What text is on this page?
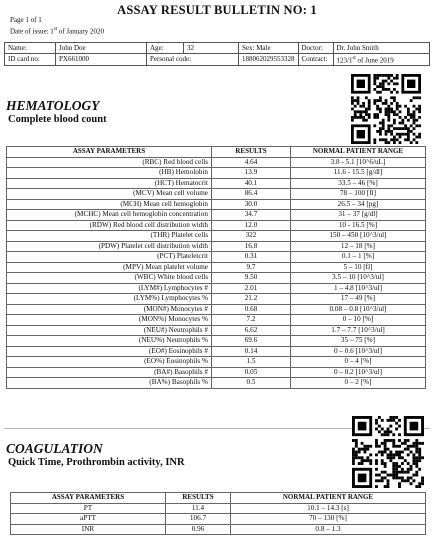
ASSAY RESULT BULLETIN NO: 1
Page 1 of 1
Date of issue: 1st of January 2020
Name:	John Doe	Age:	32	Sex: Male	Doctor:	Dr. John Smith
ID card no:	PX661000	Personal code:		188062029553328	Contract:	123/1st of June 2019
HEMATOLOGY
Complete blood count
ASSAY PARAMETERS	RESULTS	NORMAL PATIENT RANGE
(RBC) Red blood cells	4.64	3.8 - 5.1 [10^6/uL]
(HB) Hemolobin	13.9	11.6 - 15.5 [g/dl]
(HCT) Hematocrit	40.1	33.5 – 46 [%]
(MCV) Mean cell volume	86.4	78 – 100 [fl]
(MCH) Mean cell hemoglobin	30.0	26.5 – 34 [pg]
(MCHC) Mean cell hemoglobin concentration	34.7	31 – 37 [g/dl]
(RDW) Red blood cell distribution width	12.0	10 - 16.5 [%]
(THR) Platelet cells	322	150 – 450 [10^3/ul]
(PDW) Platelet cell distribution width	16.8	12 – 18 [%]
(PCT) Plateletcrit	0.31	0.1 – 1 [%]
(MPV) Mean platelet volume	9.7	5 – 10 [fl]
(WBC) White blood cells	9.50	3.5 – 10 [10^3/ul]
(LYM#) Lymphocytes #	2.01	1 – 4.8 [10^3/ul]
(LYM%) Lymphocytes %	21.2	17 – 49 [%]
(MON#) Monocytes #	0.68	0.08 – 0.8 [10^3/ul]
(MON%) Monocytes %	7.2	0 – 10 [%]
(NEU#) Neutrophils #	6.62	1.7 – 7.7 [10^3/ul]
(NEU%) Neutrophils %	69.6	35 – 75 [%]
(EO#) Eosinophils #	0.14	0 – 0.6 [10^3/ul]
(EO%) Eosinophils %	1.5	0 – 4 [%]
(BA#) Basophils #	0.05	0 – 0.2 [10^3/ul]
(BA%) Basophils %	0.5	0 – 2 [%]
COAGULATION
Quick Time, Prothrombin activity, INR
ASSAY PARAMETERS	RESULTS	NORMAL PATIENT RANGE
PT	11.4	10.1 – 14.3 [s]
aPTT	106.7	70 – 130 [%]
INR	0.96	0.8 – 1.3
